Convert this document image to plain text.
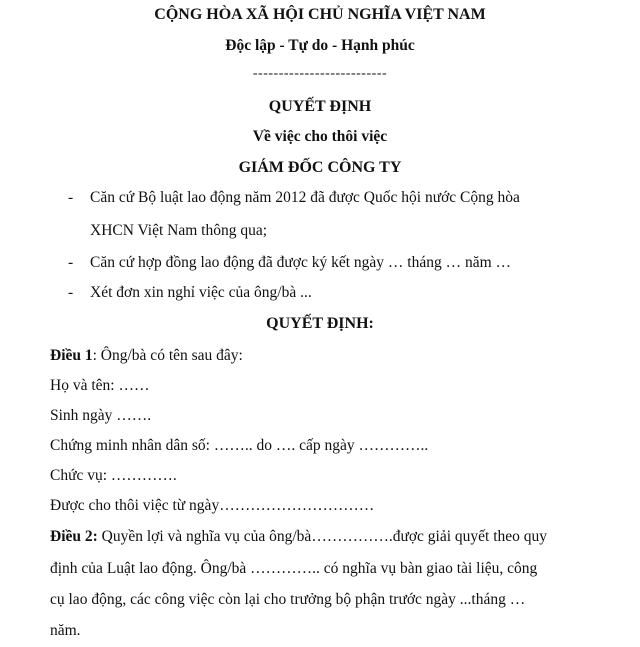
CỘNG HÒA XÃ HỘI CHỦ NGHĨA VIỆT NAM
Độc lập - Tự do - Hạnh phúc
--------------------------
QUYẾT ĐỊNH
Về việc cho thôi việc
GIÁM ĐỐC CÔNG TY
- Căn cứ Bộ luật lao động năm 2012 đã được Quốc hội nước Cộng hòa
XHCN Việt Nam thông qua;
- Căn cứ hợp đồng lao động đã được ký kết ngày … tháng … năm …
- Xét đơn xin nghỉ việc của ông/bà ...
QUYẾT ĐỊNH:
Điều 1: Ông/bà có tên sau đây:
Họ và tên: ……
Sinh ngày …….
Chứng minh nhân dân số: …….. do …. cấp ngày …………..
Chức vụ: ………….
Được cho thôi việc từ ngày…………………………
Điều 2: Quyền lợi và nghĩa vụ của ông/bà…………….được giải quyết theo quy
định của Luật lao động. Ông/bà ………….. có nghĩa vụ bàn giao tài liệu, công
cụ lao động, các công việc còn lại cho trưởng bộ phận trước ngày ...tháng …
năm.
